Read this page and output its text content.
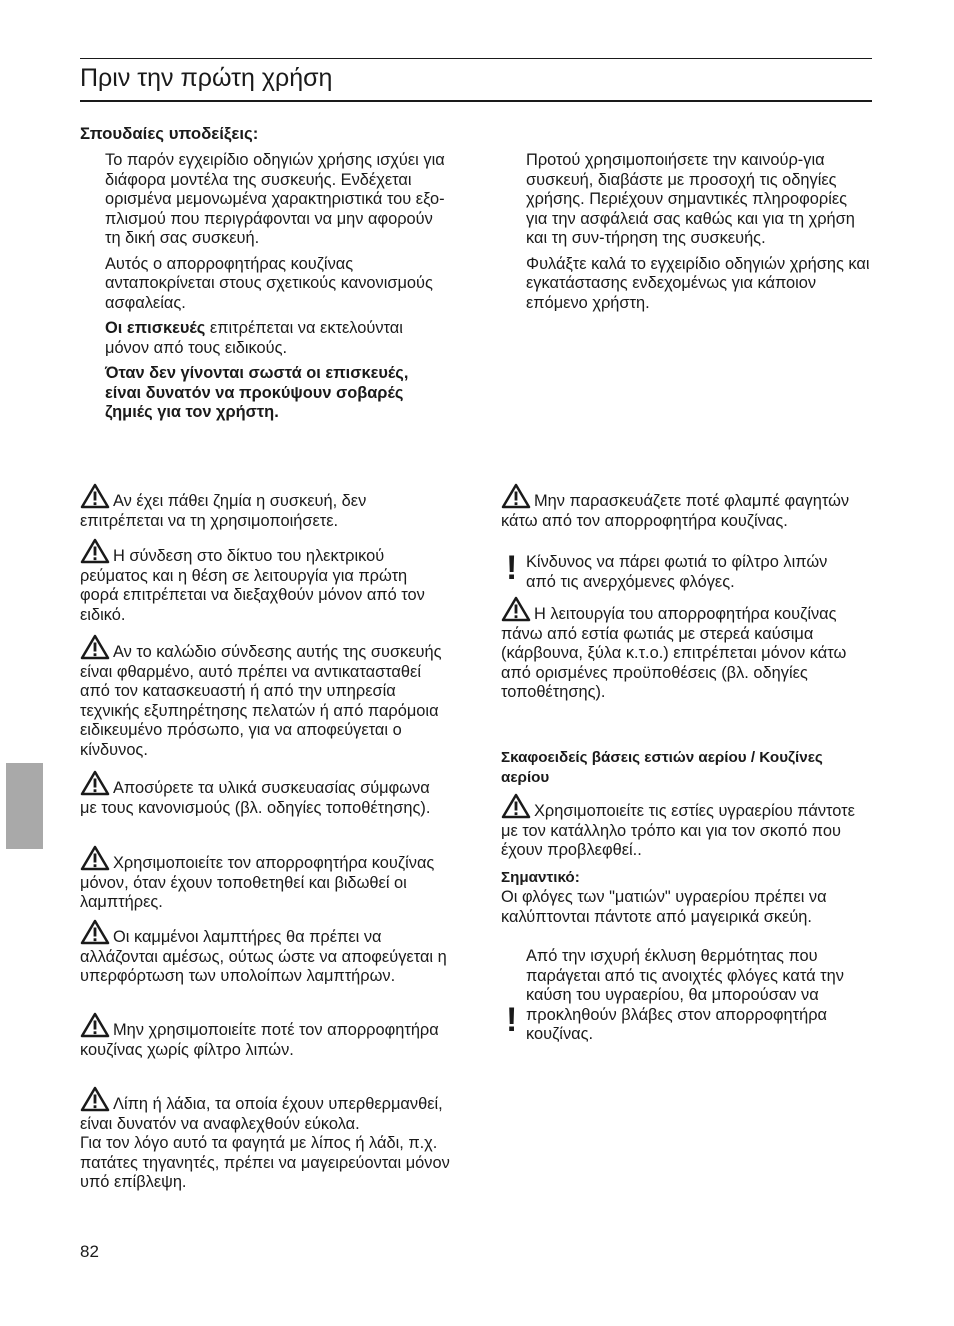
Πριν την πρώτη χρήση
Σπουδαίες υποδείξεις:

Το παρόν εγχειρίδιο οδηγιών χρήσης ισχύει για διάφορα μοντέλα της συσκευής. Ενδέχεται ορισμένα μεμονωμένα χαρακτηριστικά του εξο-πλισμού που περιγράφονται να μην αφορούν τη δική σας συσκευή.

Αυτός ο απορροφητήρας κουζίνας ανταποκρίνεται στους σχετικούς κανονισμούς ασφαλείας.

Οι επισκευές επιτρέπεται να εκτελούνται μόνον από τους ειδικούς.

Όταν δεν γίνονται σωστά οι επισκευές, είναι δυνατόν να προκύψουν σοβαρές ζημιές για τον χρήστη.

Προτού χρησιμοποιήσετε την καινούρ-για συσκευή, διαβάστε με προσοχή τις οδηγίες χρήσης. Περιέχουν σημαντικές πληροφορίες για την ασφάλειά σας καθώς και για τη χρήση και τη συν-τήρηση της συσκευής.

Φυλάξτε καλά το εγχειρίδιο οδηγιών χρήσης και εγκατάστασης ενδεχομένως για κάποιον επόμενο χρήστη.

Αν έχει πάθει ζημία η συσκευή, δεν επιτρέπεται να τη χρησιμοποιήσετε.
Η σύνδεση στο δίκτυο του ηλεκτρικού ρεύματος και η θέση σε λειτουργία για πρώτη φορά επιτρέπεται να διεξαχθούν μόνον από τον ειδικό.
Αν το καλώδιο σύνδεσης αυτής της συσκευής είναι φθαρμένο, αυτό πρέπει να αντικατασταθεί από τον κατασκευαστή ή από την υπηρεσία τεχνικής εξυπηρέτησης πελατών ή από παρόμοια ειδικευμένο πρόσωπο, για να αποφεύγεται ο κίνδυνος.
Αποσύρετε τα υλικά συσκευασίας σύμφωνα με τους κανονισμούς (βλ. οδηγίες τοποθέτησης).
Χρησιμοποιείτε τον απορροφητήρα κουζίνας μόνον, όταν έχουν τοποθετηθεί και βιδωθεί οι λαμπτήρες.
Οι καμμένοι λαμπτήρες θα πρέπει να αλλάζονται αμέσως, ούτως ώστε να αποφεύγεται η υπερφόρτωση των υπολοίπων λαμπτήρων.
Μην χρησιμοποιείτε ποτέ τον απορροφητήρα κουζίνας χωρίς φίλτρο λιπών.
Λίπη ή λάδια, τα οποία έχουν υπερθερμανθεί, είναι δυνατόν να αναφλεχθούν εύκολα.
Για τον λόγο αυτό τα φαγητά με λίπος ή λάδι, π.χ. πατάτες τηγανητές, πρέπει να μαγειρεύονται μόνον υπό επίβλεψη.
Μην παρασκευάζετε ποτέ φλαμπέ φαγητών κάτω από τον απορροφητήρα κουζίνας.
! Κίνδυνος να πάρει φωτιά το φίλτρο λιπών από τις ανερχόμενες φλόγες.
Η λειτουργία του απορροφητήρα κουζίνας πάνω από εστία φωτιάς με στερεά καύσιμα (κάρβουνα, ξύλα κ.τ.ο.) επιτρέπεται μόνον κάτω από ορισμένες προϋποθέσεις (βλ. οδηγίες τοποθέτησης).
Σκαφοειδείς βάσεις εστιών αερίου / Κουζίνες αερίου
Χρησιμοποιείτε τις εστίες υγραερίου πάντοτε με τον κατάλληλο τρόπο και για τον σκοπό που έχουν προβλεφθεί..
Σημαντικό:
Οι φλόγες των "ματιών" υγραερίου πρέπει να καλύπτονται πάντοτε από μαγειρικά σκεύη.
!
Από την ισχυρή έκλυση θερμότητας που παράγεται από τις ανοιχτές φλόγες κατά την καύση του υγραερίου, θα μπορούσαν να προκληθούν βλάβες στον απορροφητήρα κουζίνας.
82
